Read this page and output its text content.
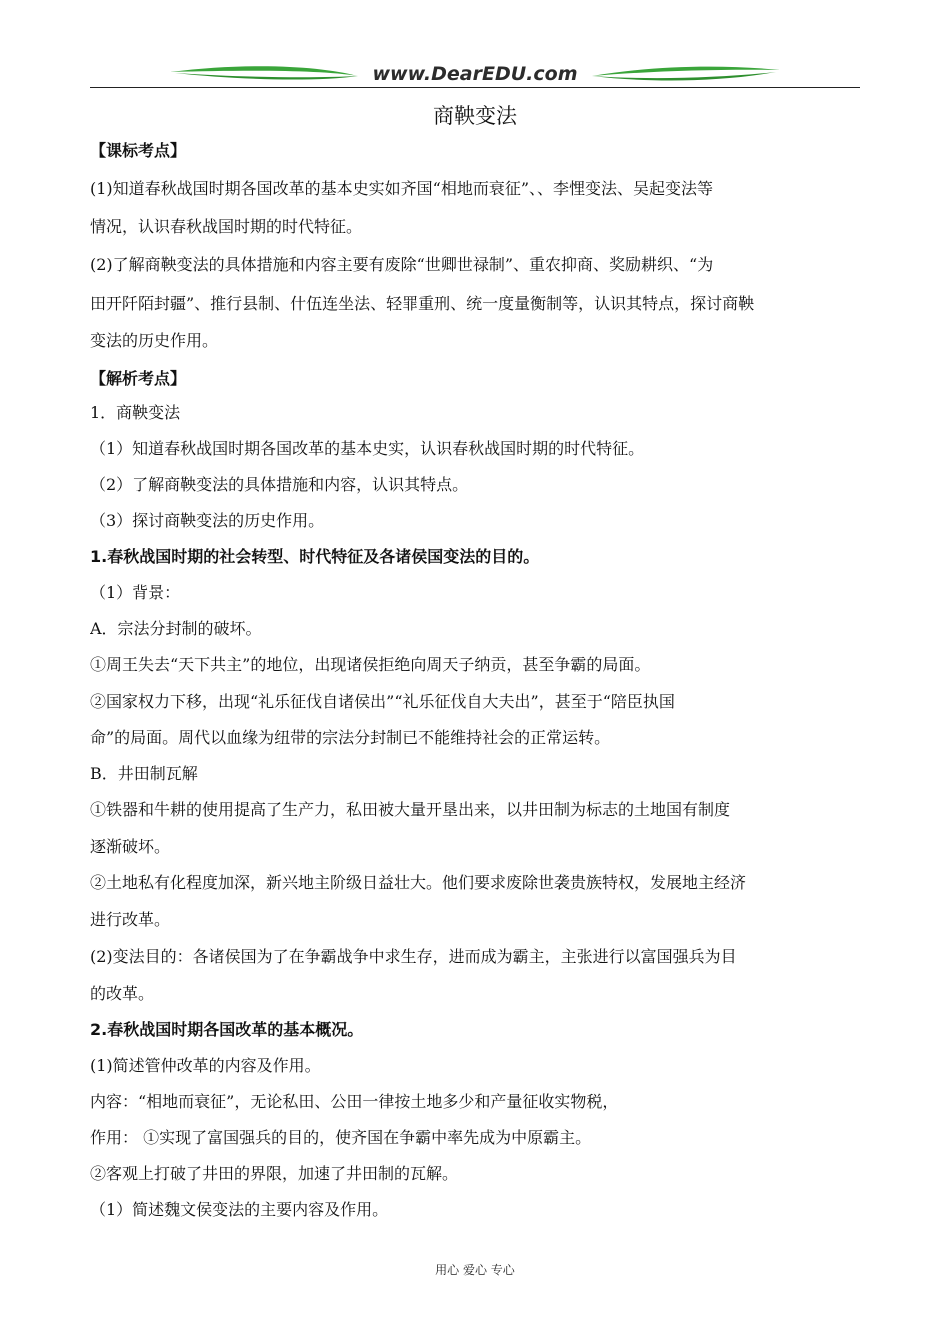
www.DearEDU.com
商鞅变法
【课标考点】
(1)知道春秋战国时期各国改革的基本史实如齐国“相地而衰征”、、李悝变法、吴起变法等
情况，认识春秋战国时期的时代特征。
(2)了解商鞅变法的具体措施和内容主要有废除“世卿世禄制”、重农抑商、奖励耕织、“为
田开阡陌封疆”、推行县制、什伍连坐法、轻罪重刑、统一度量衡制等，认识其特点，探讨商鞅
变法的历史作用。
【解析考点】
1．商鞅变法
（1）知道春秋战国时期各国改革的基本史实，认识春秋战国时期的时代特征。
（2）了解商鞅变法的具体措施和内容，认识其特点。
（3）探讨商鞅变法的历史作用。
1.春秋战国时期的社会转型、时代特征及各诸侯国变法的目的。
（1）背景：
A．宗法分封制的破坏。
①周王失去“天下共主”的地位，出现诸侯拒绝向周天子纳贡，甚至争霸的局面。
②国家权力下移，出现“礼乐征伐自诸侯出”“礼乐征伐自大夫出”，甚至于“陪臣执国
命”的局面。周代以血缘为纽带的宗法分封制已不能维持社会的正常运转。
B．井田制瓦解
①铁器和牛耕的使用提高了生产力，私田被大量开垦出来，以井田制为标志的土地国有制度
逐渐破坏。
②土地私有化程度加深，新兴地主阶级日益壮大。他们要求废除世袭贵族特权，发展地主经济
进行改革。
(2)变法目的：各诸侯国为了在争霸战争中求生存，进而成为霸主，主张进行以富国强兵为目
的改革。
2.春秋战国时期各国改革的基本概况。
(1)简述管仲改革的内容及作用。
内容：“相地而衰征”，无论私田、公田一律按土地多少和产量征收实物税，
作用： ①实现了富国强兵的目的，使齐国在争霸中率先成为中原霸主。
②客观上打破了井田的界限，加速了井田制的瓦解。
（1）简述魏文侯变法的主要内容及作用。
用心 爱心 专心
